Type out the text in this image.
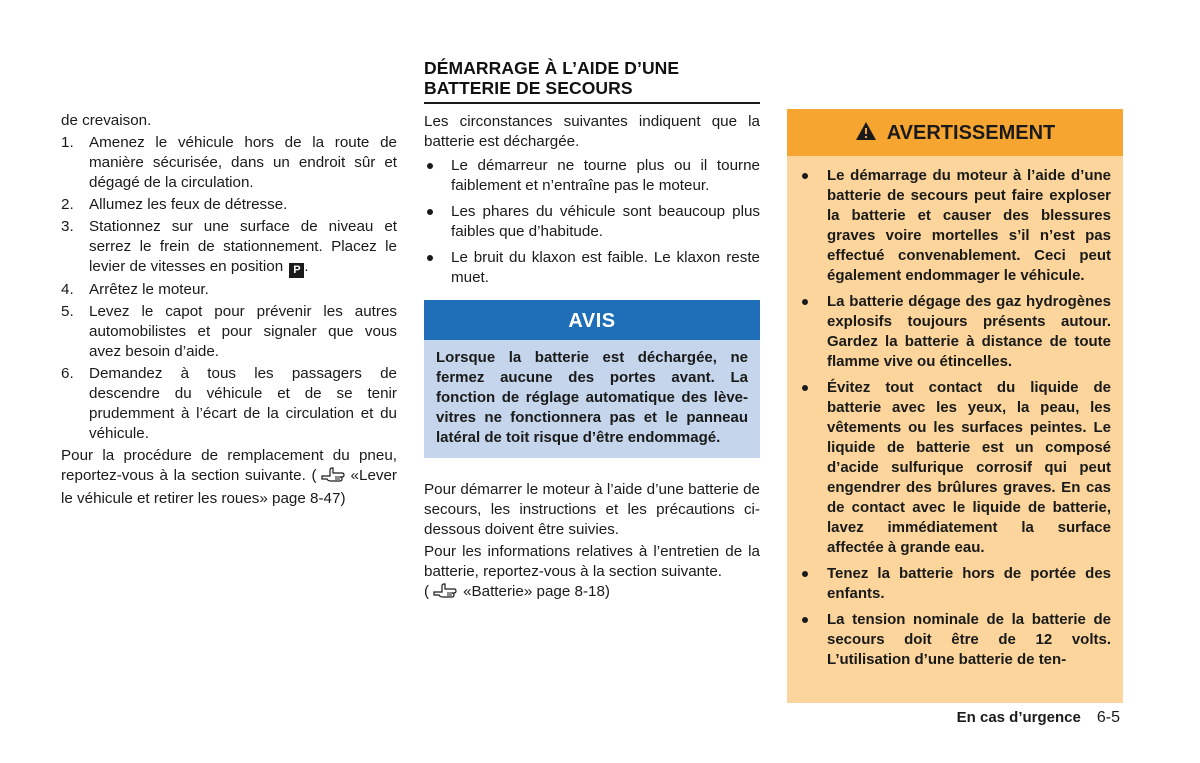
de crevaison.

1.	Amenez le véhicule hors de la route de manière sécurisée, dans un endroit sûr et dégagé de la circulation.
2.	Allumez les feux de détresse.
3.	Stationnez sur une surface de niveau et serrez le frein de stationnement. Placez le levier de vitesses en position P .
4.	Arrêtez le moteur.
5.	Levez le capot pour prévenir les autres automobilistes et pour signaler que vous avez besoin d’aide.
6.	Demandez à tous les passagers de descendre du véhicule et de se tenir prudemment à l’écart de la circulation et du véhicule.

Pour la procédure de remplacement du pneu, reportez-vous à la section suivante. ( «Lever le véhicule et retirer les roues» page 8-47)

DÉMARRAGE À L’AIDE D’UNE BATTERIE DE SECOURS

Les circonstances suivantes indiquent que la batterie est déchargée.

Le démarreur ne tourne plus ou il tourne faiblement et n’entraîne pas le moteur.
Les phares du véhicule sont beaucoup plus faibles que d’habitude.
Le bruit du klaxon est faible. Le klaxon reste muet.
AVIS
Lorsque la batterie est déchargée, ne fermez aucune des portes avant. La fonction de réglage automatique des lève-vitres ne fonctionnera pas et le panneau latéral de toit risque d’être endommagé.

Pour démarrer le moteur à l’aide d’une batterie de secours, les instructions et les précautions ci-dessous doivent être suivies.

Pour les informations relatives à l’entretien de la batterie, reportez-vous à la section suivante.

( «Batterie» page 8-18)

AVERTISSEMENT
Le démarrage du moteur à l’aide d’une batterie de secours peut faire exploser la batterie et causer des blessures graves voire mortelles s’il n’est pas effectué convenablement. Ceci peut également endommager le véhicule.
La batterie dégage des gaz hydrogènes explosifs toujours présents autour. Gardez la batterie à distance de toute flamme vive ou étincelles.
Évitez tout contact du liquide de batterie avec les yeux, la peau, les vêtements ou les surfaces peintes. Le liquide de batterie est un composé d’acide sulfurique corrosif qui peut engendrer des brûlures graves. En cas de contact avec le liquide de batterie, lavez immédiatement la surface affectée à grande eau.
Tenez la batterie hors de portée des enfants.
La tension nominale de la batterie de secours doit être de 12 volts. L’utilisation d’une batterie de ten-
En cas d’urgence 6-5
